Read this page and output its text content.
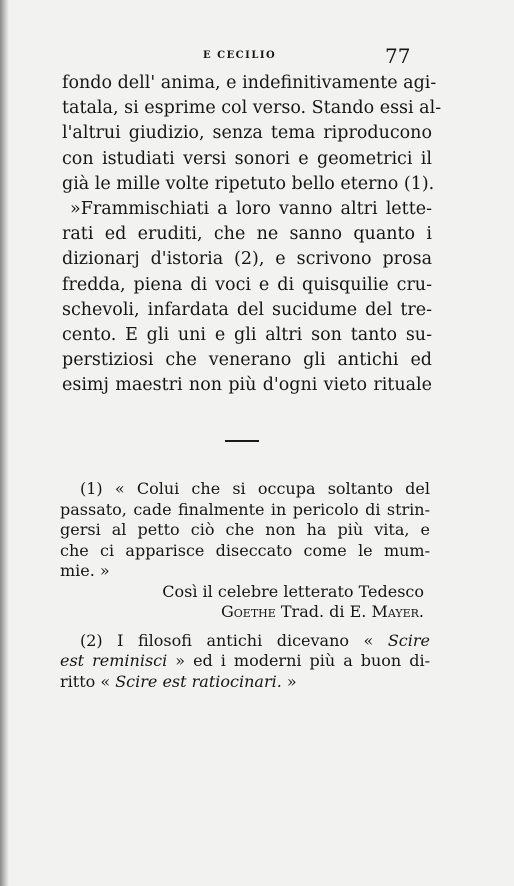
E CECILIO	77
fondo dell' anima, e indefinitivamente agi-
tatala, si esprime col verso. Stando essi al-
l'altrui giudizio, senza tema riproducono
con istudiati versi sonori e geometrici il
già le mille volte ripetuto bello eterno (1).
»Frammischiati a loro vanno altri lette-
rati ed eruditi, che ne sanno quanto i
dizionarj d'istoria (2), e scrivono prosa
fredda, piena di voci e di quisquilie cru-
schevoli, infardata del sucidume del tre-
cento. E gli uni e gli altri son tanto su-
perstiziosi che venerano gli antichi ed
esimj maestri non più d'ogni vieto rituale
(1) « Colui che si occupa soltanto del
passato, cade finalmente in pericolo di strin-
gersi al petto ciò che non ha più vita, e
che ci apparisce diseccato come le mum-
mie. »
Così il celebre letterato Tedesco
Goethe Trad. di E. Mayer.
(2) I filosofi antichi dicevano « Scire
est reminisci » ed i moderni più a buon di-
ritto « Scire est ratiocinari. »
